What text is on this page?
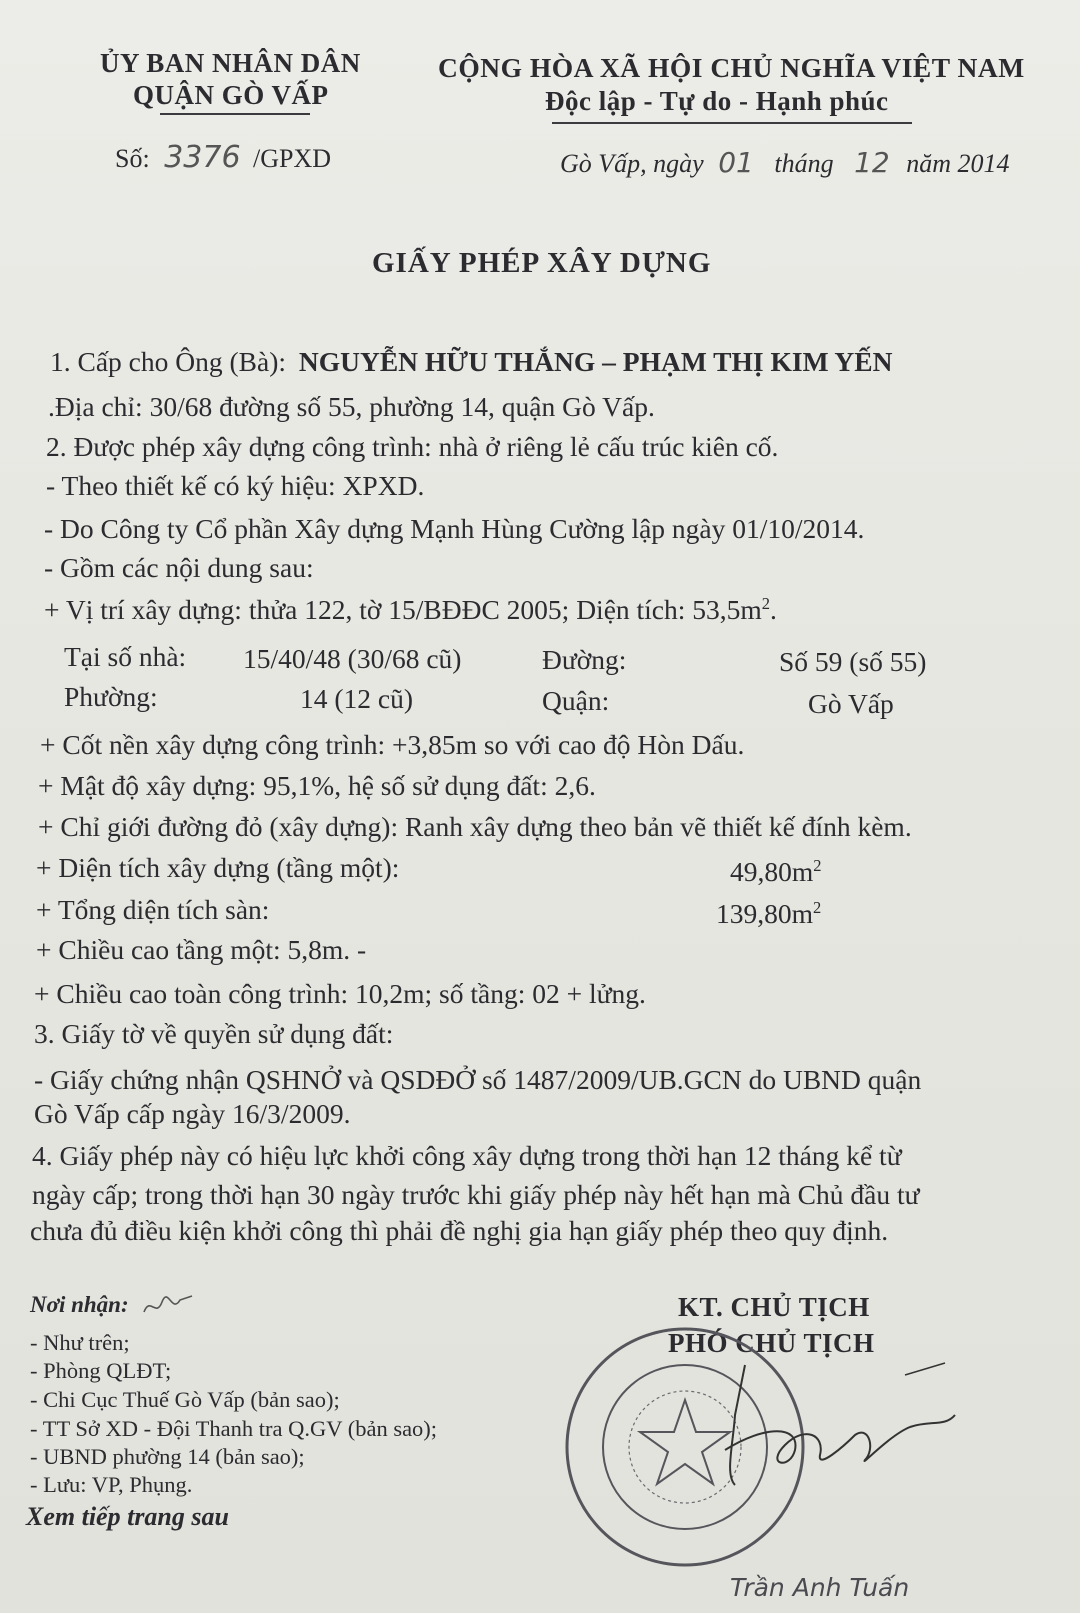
ỦY BAN NHÂN DÂN
QUẬN GÒ VẤP
CỘNG HÒA XÃ HỘI CHỦ NGHĨA VIỆT NAM
Độc lập - Tự do - Hạnh phúc
Số: 3376 /GPXD	Gò Vấp, ngày 01 tháng 12 năm 2014
GIẤY PHÉP XÂY DỰNG
1. Cấp cho Ông (Bà): NGUYỄN HỮU THẮNG – PHẠM THỊ KIM YẾN
.Địa chỉ: 30/68 đường số 55, phường 14, quận Gò Vấp.
2. Được phép xây dựng công trình: nhà ở riêng lẻ cấu trúc kiên cố.
- Theo thiết kế có ký hiệu: XPXD.
- Do Công ty Cổ phần Xây dựng Mạnh Hùng Cường lập ngày 01/10/2014.
- Gồm các nội dung sau:
+ Vị trí xây dựng: thửa 122, tờ 15/BĐĐC 2005; Diện tích: $53,5m^2$.
Tại số nhà: 15/40/48 (30/68 cũ)	Đường:	Số 59 (số 55)
Phường:	14 (12 cũ)	Quận:	Gò Vấp
+ Cốt nền xây dựng công trình: +3,85m so với cao độ Hòn Dấu.
+ Mật độ xây dựng: 95,1%, hệ số sử dụng đất: 2,6.
+ Chỉ giới đường đỏ (xây dựng): Ranh xây dựng theo bản vẽ thiết kế đính kèm.
+ Diện tích xây dựng (tầng một):	$49,80m^2$
+ Tổng diện tích sàn:	$139,80m^2$
+ Chiều cao tầng một: 5,8m. -
+ Chiều cao toàn công trình: 10,2m; số tầng: 02 + lửng.
3. Giấy tờ về quyền sử dụng đất:
- Giấy chứng nhận QSHNỞ và QSDĐỞ số 1487/2009/UB.GCN do UBND quận
Gò Vấp cấp ngày 16/3/2009.
4. Giấy phép này có hiệu lực khởi công xây dựng trong thời hạn 12 tháng kể từ
ngày cấp; trong thời hạn 30 ngày trước khi giấy phép này hết hạn mà Chủ đầu tư
chưa đủ điều kiện khởi công thì phải đề nghị gia hạn giấy phép theo quy định.
Nơi nhận:
- Như trên;
- Phòng QLĐT;
- Chi Cục Thuế Gò Vấp (bản sao);
- TT Sở XD - Đội Thanh tra Q.GV (bản sao);
- UBND phường 14 (bản sao);
- Lưu: VP, Phụng.
Xem tiếp trang sau
KT. CHỦ TỊCH
PHÓ CHỦ TỊCH
Trần Anh Tuấn
